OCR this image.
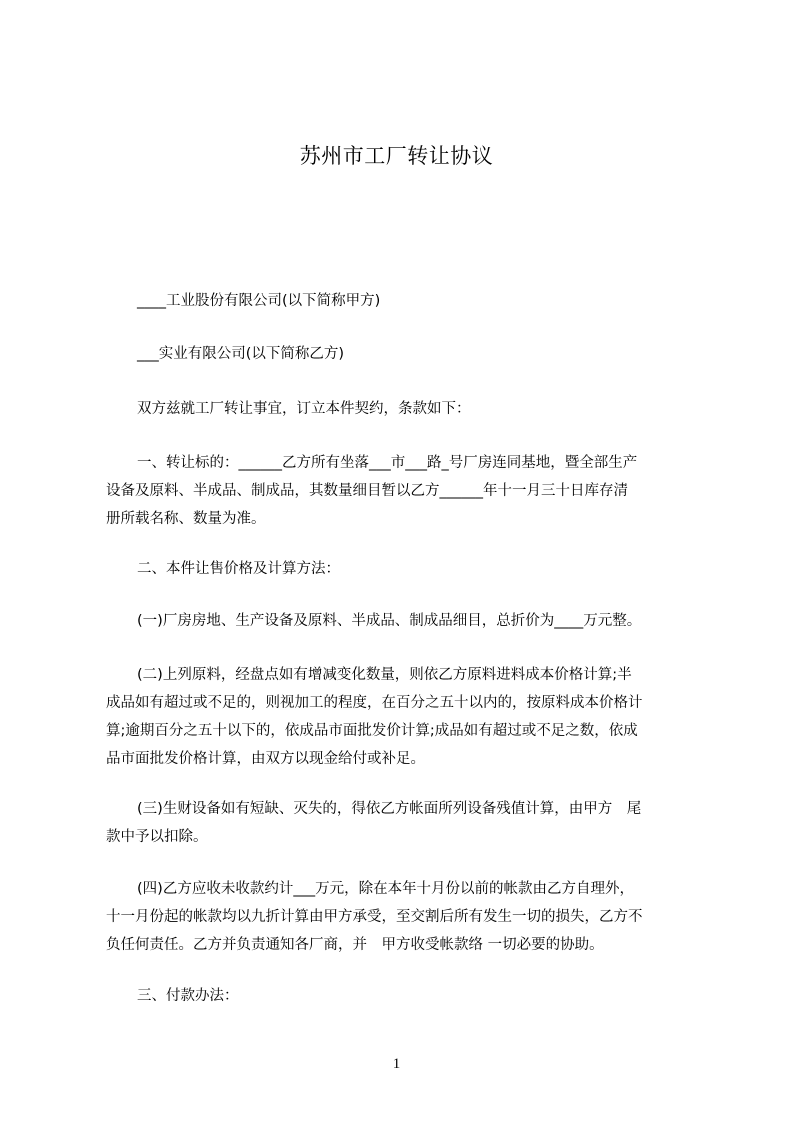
苏州市工厂转让协议
____工业股份有限公司(以下简称甲方)
___实业有限公司(以下简称乙方)
双方兹就工厂转让事宜，订立本件契约，条款如下：
一、转让标的：______乙方所有坐落___市___路_号厂房连同基地，暨全部生产
设备及原料、半成品、制成品，其数量细目暂以乙方______年十一月三十日库存清
册所载名称、数量为准。
二、本件让售价格及计算方法：
(一)厂房房地、生产设备及原料、半成品、制成品细目，总折价为____万元整。
(二)上列原料，经盘点如有增减变化数量，则依乙方原料进料成本价格计算;半
成品如有超过或不足的，则视加工的程度，在百分之五十以内的，按原料成本价格计
算;逾期百分之五十以下的，依成品市面批发价计算;成品如有超过或不足之数，依成
品市面批发价格计算，由双方以现金给付或补足。
(三)生财设备如有短缺、灭失的，得依乙方帐面所列设备残值计算，由甲方　尾
款中予以扣除。
(四)乙方应收未收款约计___万元，除在本年十月份以前的帐款由乙方自理外，
十一月份起的帐款均以九折计算由甲方承受，至交割后所有发生一切的损失，乙方不
负任何责任。乙方并负责通知各厂商，并　甲方收受帐款络 一切必要的协助。
三、付款办法：
1
